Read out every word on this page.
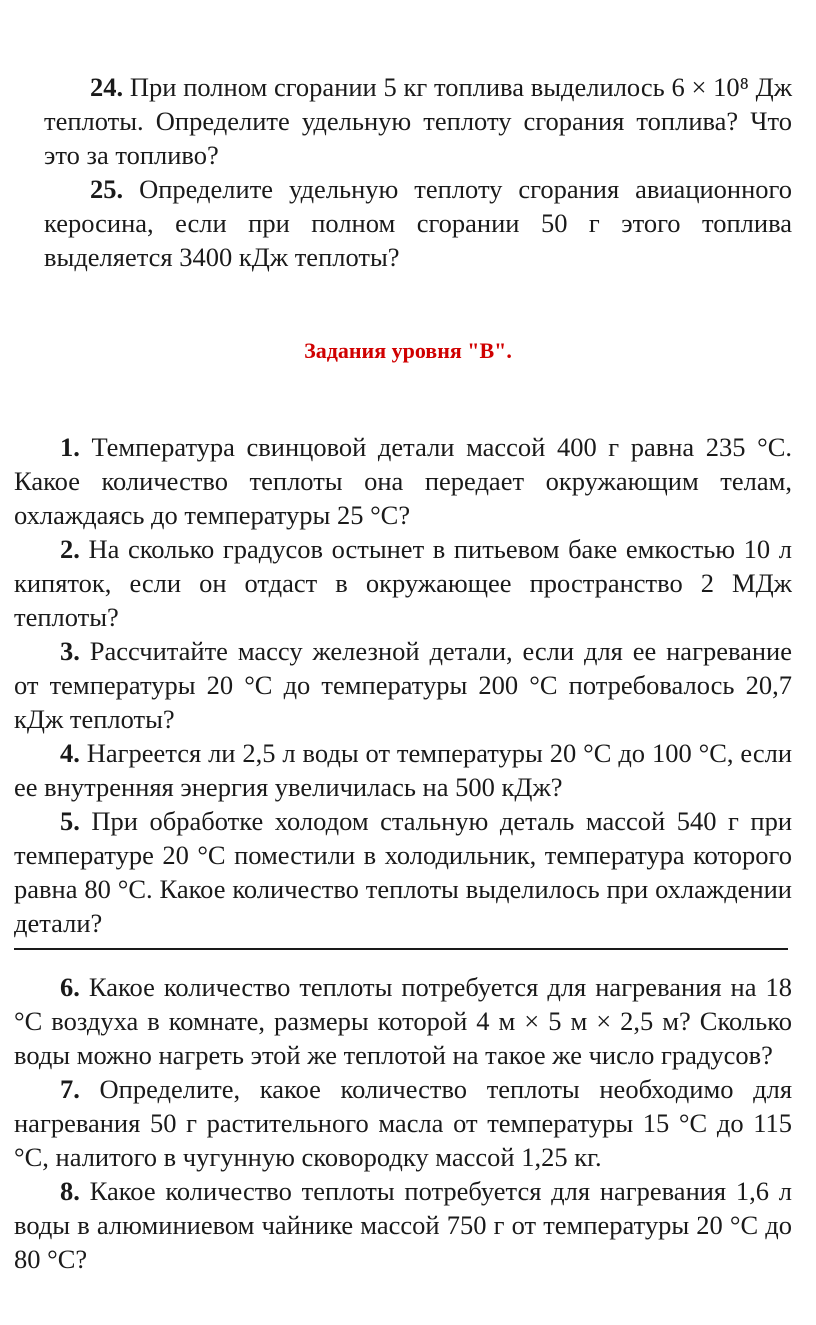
24. При полном сгорании 5 кг топлива выделилось 6 × 10⁸ Дж теплоты. Определите удельную теплоту сгорания топлива? Что это за топливо?

25. Определите удельную теплоту сгорания авиационного керосина, если при полном сгорании 50 г этого топлива выделяется 3400 кДж теплоты?

Задания уровня "В".

1. Температура свинцовой детали массой 400 г равна 235 °С. Какое количество теплоты она передает окружающим телам, охлаждаясь до температуры 25 °С?

2. На сколько градусов остынет в питьевом баке емкостью 10 л кипяток, если он отдаст в окружающее пространство 2 МДж теплоты?

3. Рассчитайте массу железной детали, если для ее нагревание от температуры 20 °С до температуры 200 °С потребовалось 20,7 кДж теплоты?

4. Нагреется ли 2,5 л воды от температуры 20 °С до 100 °С, если ее внутренняя энергия увеличилась на 500 кДж?

5. При обработке холодом стальную деталь массой 540 г при температуре 20 °С поместили в холодильник, температура которого равна 80 °С. Какое количество теплоты выделилось при охлаждении детали?

6. Какое количество теплоты потребуется для нагревания на 18 °С воздуха в комнате, размеры которой 4 м × 5 м × 2,5 м? Сколько воды можно нагреть этой же теплотой на такое же число градусов?

7. Определите, какое количество теплоты необходимо для нагревания 50 г растительного масла от температуры 15 °С до 115 °С, налитого в чугунную сковородку массой 1,25 кг.

8. Какое количество теплоты потребуется для нагревания 1,6 л воды в алюминиевом чайнике массой 750 г от температуры 20 °С до 80 °С?
